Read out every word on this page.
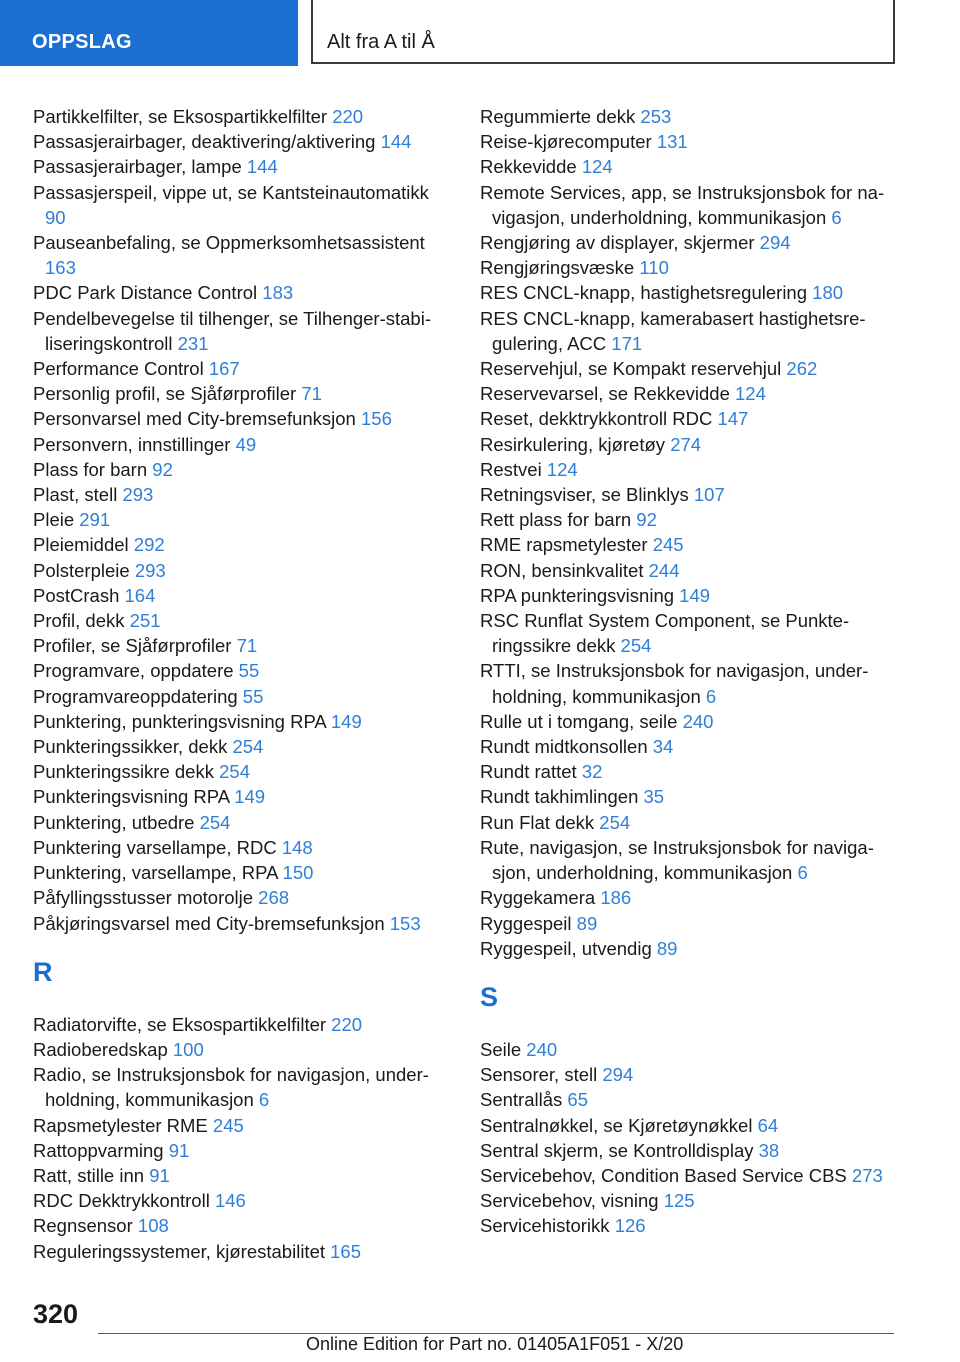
OPPSLAG	Alt fra A til Å
Partikkelfilter, se Eksospartikkelfilter 220
Passasjerairbager, deaktivering/aktivering 144
Passasjerairbager, lampe 144
Passasjerspeil, vippe ut, se Kantsteinautomatikk 90
Pauseanbefaling, se Oppmerksomhetsassistent 163
PDC Park Distance Control 183
Pendelbevegelse til tilhenger, se Tilhenger-stabiliseringskontroll 231
Performance Control 167
Personlig profil, se Sjåførprofiler 71
Personvarsel med City-bremsefunksjon 156
Personvern, innstillinger 49
Plass for barn 92
Plast, stell 293
Pleie 291
Pleiemiddel 292
Polsterpleie 293
PostCrash 164
Profil, dekk 251
Profiler, se Sjåførprofiler 71
Programvare, oppdatere 55
Programvareoppdatering 55
Punktering, punkteringsvisning RPA 149
Punkteringssikker, dekk 254
Punkteringssikre dekk 254
Punkteringsvisning RPA 149
Punktering, utbedre 254
Punktering varsellampe, RDC 148
Punktering, varsellampe, RPA 150
Påfyllingsstusser motorolje 268
Påkjøringsvarsel med City-bremsefunksjon 153
R
Radiatorvifte, se Eksospartikkelfilter 220
Radioberedskap 100
Radio, se Instruksjonsbok for navigasjon, underholdning, kommunikasjon 6
Rapsmetylester RME 245
Rattoppvarming 91
Ratt, stille inn 91
RDC Dekktrykkontroll 146
Regnsensor 108
Reguleringssystemer, kjørestabilitet 165
Regummierte dekk 253
Reise-kjørecomputer 131
Rekkevidde 124
Remote Services, app, se Instruksjonsbok for navigasjon, underholdning, kommunikasjon 6
Rengjøring av displayer, skjermer 294
Rengjøringsvæske 110
RES CNCL-knapp, hastighetsregulering 180
RES CNCL-knapp, kamerabasert hastighetsregulering, ACC 171
Reservehjul, se Kompakt reservehjul 262
Reservevarsel, se Rekkevidde 124
Reset, dekktrykkontroll RDC 147
Resirkulering, kjøretøy 274
Restvei 124
Retningsviser, se Blinklys 107
Rett plass for barn 92
RME rapsmetylester 245
RON, bensinkvalitet 244
RPA punkteringsvisning 149
RSC Runflat System Component, se Punkteringssikre dekk 254
RTTI, se Instruksjonsbok for navigasjon, underholdning, kommunikasjon 6
Rulle ut i tomgang, seile 240
Rundt midtkonsollen 34
Rundt rattet 32
Rundt takhimlingen 35
Run Flat dekk 254
Rute, navigasjon, se Instruksjonsbok for navigasjon, underholdning, kommunikasjon 6
Ryggekamera 186
Ryggespeil 89
Ryggespeil, utvendig 89
S
Seile 240
Sensorer, stell 294
Sentrallås 65
Sentralnøkkel, se Kjøretøynøkkel 64
Sentral skjerm, se Kontrolldisplay 38
Servicebehov, Condition Based Service CBS 273
Servicebehov, visning 125
Servicehistorikk 126
320
Online Edition for Part no. 01405A1F051 - X/20
